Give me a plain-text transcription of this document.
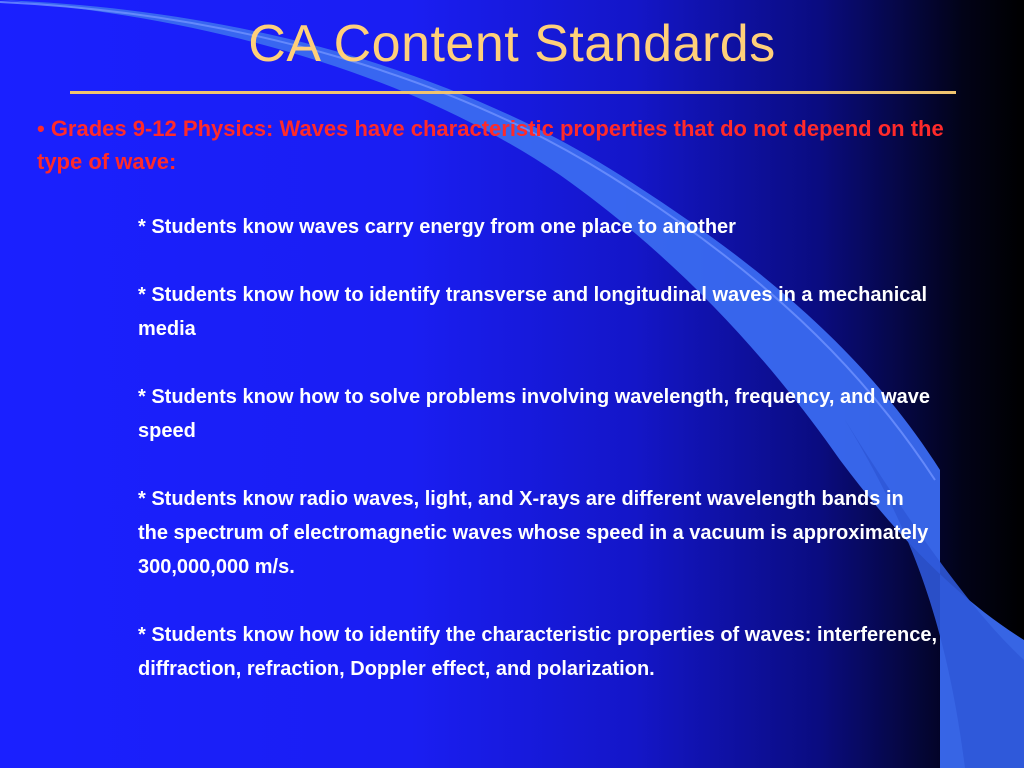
CA Content Standards
• Grades 9-12 Physics: Waves have characteristic properties that do not depend on the type of wave:

* Students know waves carry energy from one place to another

* Students know how to identify transverse and longitudinal waves in a mechanical media

* Students know how to solve problems involving wavelength, frequency, and wave speed

* Students know radio waves, light, and X-rays are different wavelength bands in the spectrum of electromagnetic waves whose speed in a vacuum is approximately 300,000,000 m/s.

* Students know how to identify the characteristic properties of waves: interference, diffraction, refraction, Doppler effect, and polarization.
